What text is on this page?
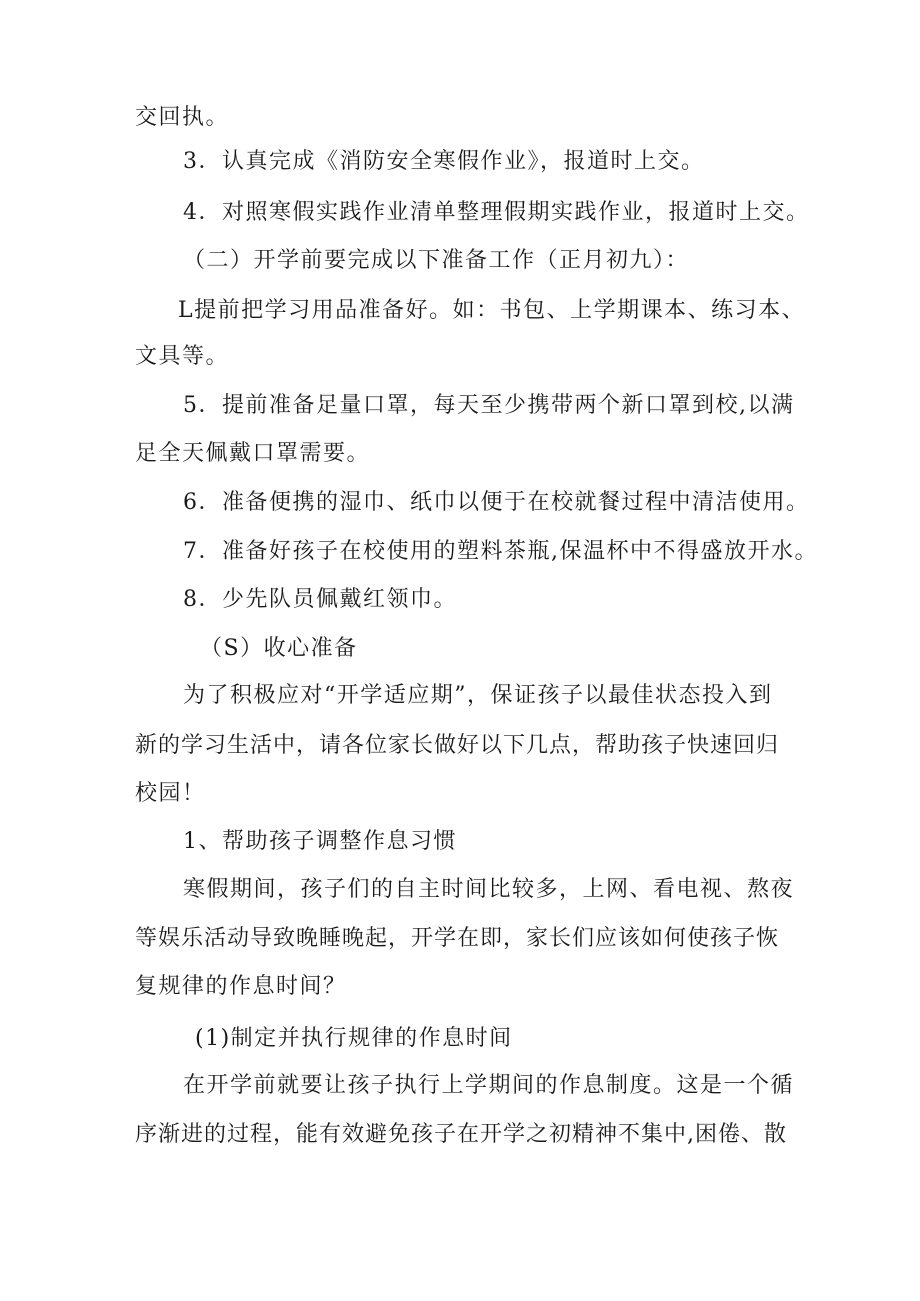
交回执。
3．认真完成《消防安全寒假作业》，报道时上交。
4．对照寒假实践作业清单整理假期实践作业，报道时上交。
（二）开学前要完成以下准备工作（正月初九）：
L提前把学习用品准备好。如：书包、上学期课本、练习本、
文具等。
5．提前准备足量口罩，每天至少携带两个新口罩到校,以满
足全天佩戴口罩需要。
6．准备便携的湿巾、纸巾以便于在校就餐过程中清洁使用。
7．准备好孩子在校使用的塑料茶瓶,保温杯中不得盛放开水。
8．少先队员佩戴红领巾。
（S）收心准备
为了积极应对“开学适应期”，保证孩子以最佳状态投入到
新的学习生活中，请各位家长做好以下几点，帮助孩子快速回归
校园！
1、帮助孩子调整作息习惯
寒假期间，孩子们的自主时间比较多，上网、看电视、熬夜
等娱乐活动导致晚睡晚起，开学在即，家长们应该如何使孩子恢
复规律的作息时间？
(1)制定并执行规律的作息时间
在开学前就要让孩子执行上学期间的作息制度。这是一个循
序渐进的过程，能有效避免孩子在开学之初精神不集中,困倦、散
